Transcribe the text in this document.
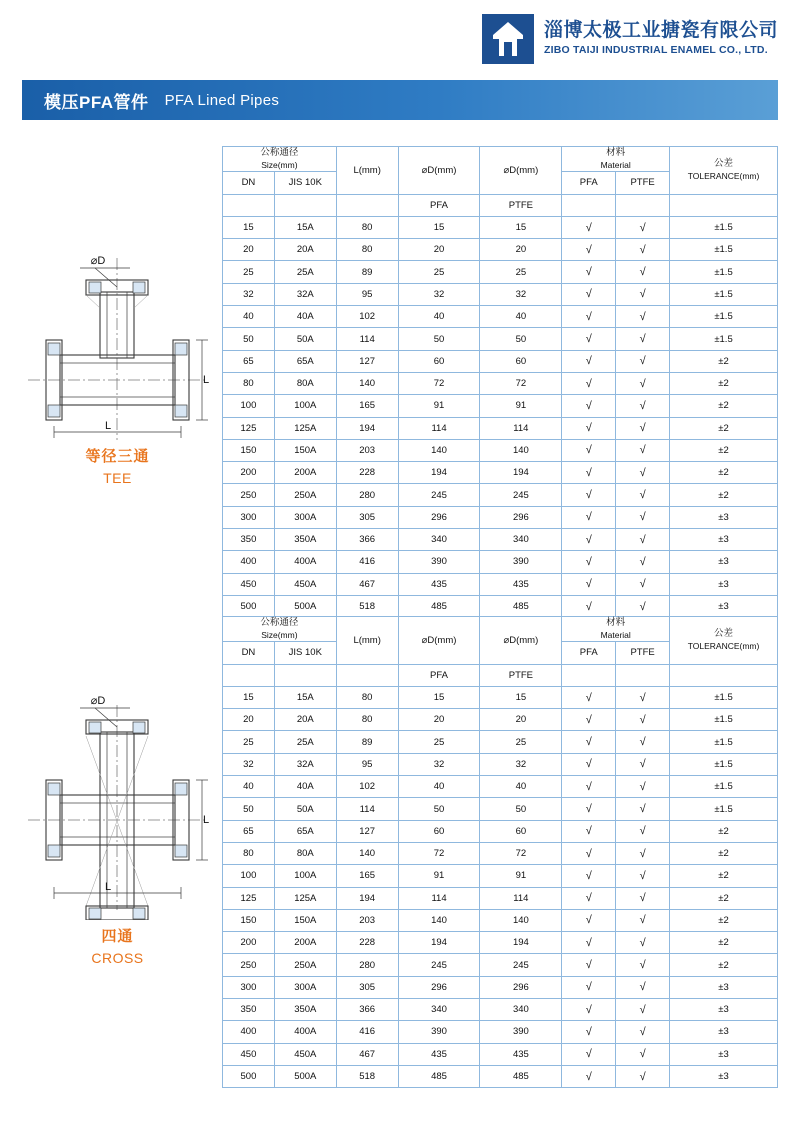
淄博太极工业搪瓷有限公司
ZIBO TAIJI INDUSTRIAL ENAMEL CO., LTD.
模压PFA管件 PFA Lined Pipes
⌀D
L
L
等径三通
TEE
公称通径
Size(mm)		L(mm)	⌀D(mm)	⌀D(mm)	材料
Material		公差
TOLERANCE(mm)

DN	JIS 10K				PFA	PTFE	
			PFA	PTFE			
15	15A	80	15	15	√	√	±1.5
20	20A	80	20	20	√	√	±1.5
25	25A	89	25	25	√	√	±1.5
32	32A	95	32	32	√	√	±1.5
40	40A	102	40	40	√	√	±1.5
50	50A	114	50	50	√	√	±1.5
65	65A	127	60	60	√	√	±2
80	80A	140	72	72	√	√	±2
100	100A	165	91	91	√	√	±2
125	125A	194	114	114	√	√	±2
150	150A	203	140	140	√	√	±2
200	200A	228	194	194	√	√	±2
250	250A	280	245	245	√	√	±2
300	300A	305	296	296	√	√	±3
350	350A	366	340	340	√	√	±3
400	400A	416	390	390	√	√	±3
450	450A	467	435	435	√	√	±3
500	500A	518	485	485	√	√	±3
⌀D
L
L
四通
CROSS
公称通径
Size(mm)		L(mm)	⌀D(mm)	⌀D(mm)	材料
Material		公差
TOLERANCE(mm)

DN	JIS 10K				PFA	PTFE	
			PFA	PTFE			
15	15A	80	15	15	√	√	±1.5
20	20A	80	20	20	√	√	±1.5
25	25A	89	25	25	√	√	±1.5
32	32A	95	32	32	√	√	±1.5
40	40A	102	40	40	√	√	±1.5
50	50A	114	50	50	√	√	±1.5
65	65A	127	60	60	√	√	±2
80	80A	140	72	72	√	√	±2
100	100A	165	91	91	√	√	±2
125	125A	194	114	114	√	√	±2
150	150A	203	140	140	√	√	±2
200	200A	228	194	194	√	√	±2
250	250A	280	245	245	√	√	±2
300	300A	305	296	296	√	√	±3
350	350A	366	340	340	√	√	±3
400	400A	416	390	390	√	√	±3
450	450A	467	435	435	√	√	±3
500	500A	518	485	485	√	√	±3
